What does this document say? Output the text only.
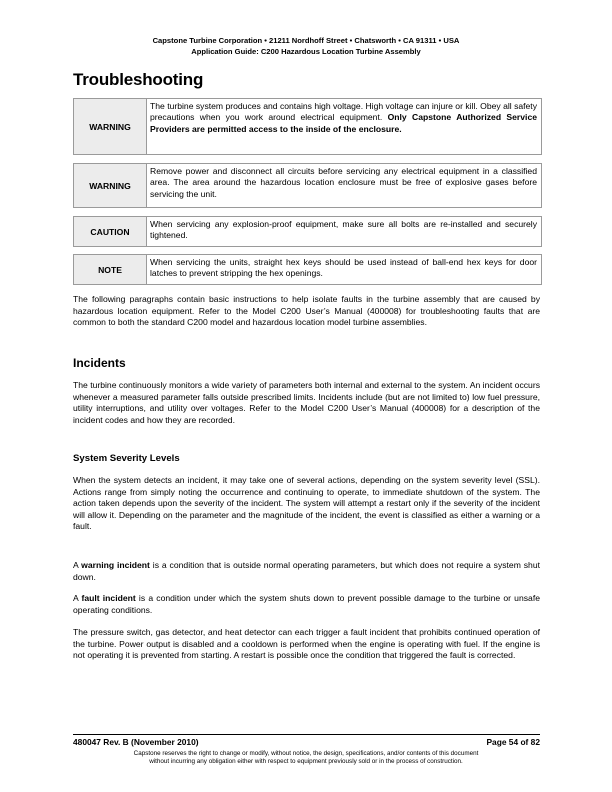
Capstone Turbine Corporation • 21211 Nordhoff Street • Chatsworth • CA 91311 • USA
Application Guide: C200 Hazardous Location Turbine Assembly
Troubleshooting
WARNING
The turbine system produces and contains high voltage. High voltage can injure or kill. Obey all safety precautions when you work around electrical equipment. Only Capstone Authorized Service Providers are permitted access to the inside of the enclosure.
WARNING
Remove power and disconnect all circuits before servicing any electrical equipment in a classified area. The area around the hazardous location enclosure must be free of explosive gases before servicing the unit.
CAUTION
When servicing any explosion-proof equipment, make sure all bolts are re-installed and securely tightened.
NOTE
When servicing the units, straight hex keys should be used instead of ball-end hex keys for door latches to prevent stripping the hex openings.
The following paragraphs contain basic instructions to help isolate faults in the turbine assembly that are caused by hazardous location equipment. Refer to the Model C200 User’s Manual (400008) for troubleshooting faults that are common to both the standard C200 model and hazardous location model turbine assemblies.
Incidents
The turbine continuously monitors a wide variety of parameters both internal and external to the system. An incident occurs whenever a measured parameter falls outside prescribed limits. Incidents include (but are not limited to) low fuel pressure, utility interruptions, and utility over voltages. Refer to the Model C200 User’s Manual (400008) for a description of the incident codes and how they are recorded.
System Severity Levels
When the system detects an incident, it may take one of several actions, depending on the system severity level (SSL). Actions range from simply noting the occurrence and continuing to operate, to immediate shutdown of the system. The action taken depends upon the severity of the incident. The system will attempt a restart only if the severity of the incident will allow it. Depending on the parameter and the magnitude of the incident, the event is classified as either a warning or a fault.
A warning incident is a condition that is outside normal operating parameters, but which does not require a system shut down.
A fault incident is a condition under which the system shuts down to prevent possible damage to the turbine or unsafe operating conditions.
The pressure switch, gas detector, and heat detector can each trigger a fault incident that prohibits continued operation of the turbine. Power output is disabled and a cooldown is performed when the engine is operating with fuel. If the engine is not operating it is prevented from starting. A restart is possible once the condition that triggered the fault is corrected.
480047 Rev. B (November 2010)	Page 54 of 82
Capstone reserves the right to change or modify, without notice, the design, specifications, and/or contents of this document
without incurring any obligation either with respect to equipment previously sold or in the process of construction.
